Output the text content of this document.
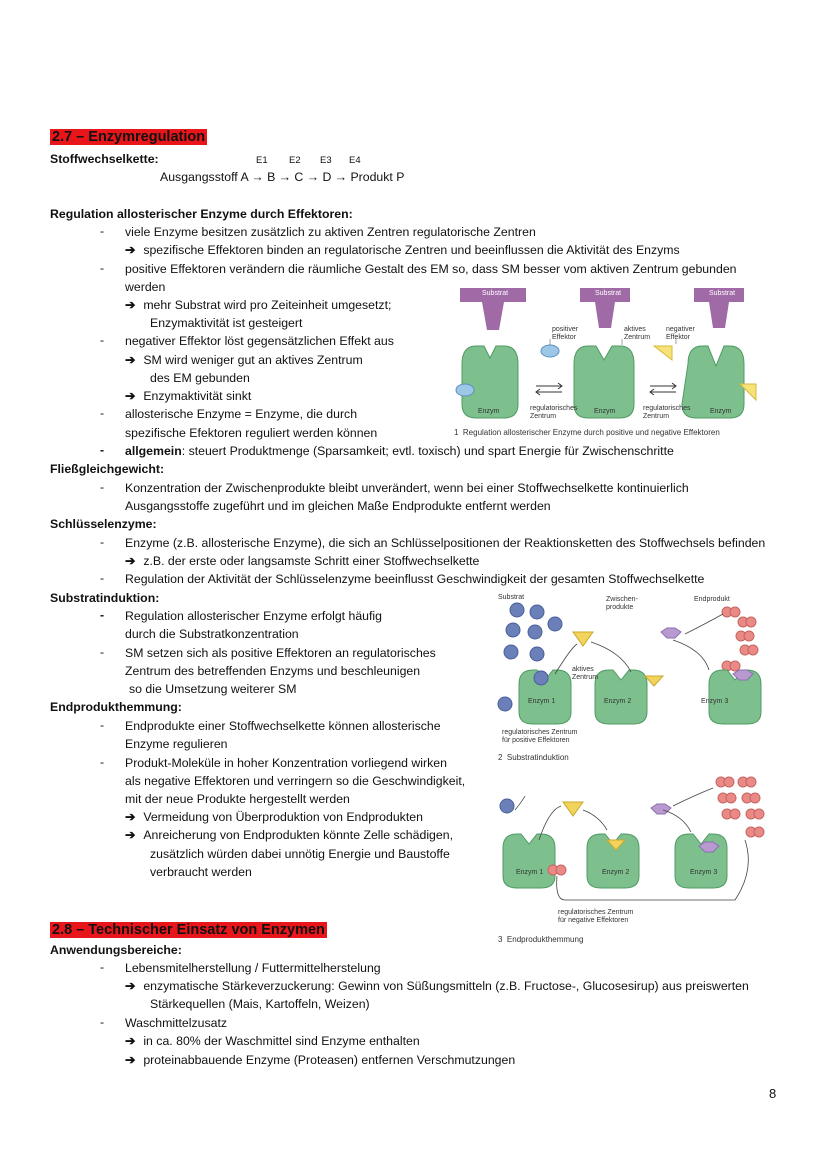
2.7 – Enzymregulation
Stoffwechselkette:	E1 E2 E3 E4
Ausgangsstoff A → B → C → D → Produkt P
Regulation allosterischer Enzyme durch Effektoren:
- viele Enzyme besitzen zusätzlich zu aktiven Zentren regulatorische Zentren
➔ spezifische Effektoren binden an regulatorische Zentren und beeinflussen die Aktivität des Enzyms
- positive Effektoren verändern die räumliche Gestalt des EM so, dass SM besser vom aktiven Zentrum gebunden
werden
➔ mehr Substrat wird pro Zeiteinheit umgesetzt;
Enzymaktivität ist gesteigert
- negativer Effektor löst gegensätzlichen Effekt aus
➔ SM wird weniger gut an aktives Zentrum
des EM gebunden
➔ Enzymaktivität sinkt
- allosterische Enzyme = Enzyme, die durch
spezifische Efektoren reguliert werden können
- allgemein: steuert Produktmenge (Sparsamkeit; evtl. toxisch) und spart Energie für Zwischenschritte
Fließgleichgewicht:
- Konzentration der Zwischenprodukte bleibt unverändert, wenn bei einer Stoffwechselkette kontinuierlich
Ausgangsstoffe zugeführt und im gleichen Maße Endprodukte entfernt werden
Schlüsselenzyme:
- Enzyme (z.B. allosterische Enzyme), die sich an Schlüsselpositionen der Reaktionsketten des Stoffwechsels befinden
➔ z.B. der erste oder langsamste Schritt einer Stoffwechselkette
- Regulation der Aktivität der Schlüsselenzyme beeinflusst Geschwindigkeit der gesamten Stoffwechselkette
Substratinduktion:
- Regulation allosterischer Enzyme erfolgt häufig
durch die Substratkonzentration
- SM setzen sich als positive Effektoren an regulatorisches
Zentrum des betreffenden Enzyms und beschleunigen
so die Umsetzung weiterer SM
Endprodukthemmung:
- Endprodukte einer Stoffwechselkette können allosterische
Enzyme regulieren
- Produkt-Moleküle in hoher Konzentration vorliegend wirken
als negative Effektoren und verringern so die Geschwindigkeit,
mit der neue Produkte hergestellt werden
➔ Vermeidung von Überproduktion von Endprodukten
➔ Anreicherung von Endprodukten könnte Zelle schädigen,
zusätzlich würden dabei unnötig Energie und Baustoffe
verbraucht werden
2.8 – Technischer Einsatz von Enzymen
Anwendungsbereiche:
- Lebensmitelherstellung / Futtermittelherstelung
➔ enzymatische Stärkeverzuckerung: Gewinn von Süßungsmitteln (z.B. Fructose-, Glucosesirup) aus preiswerten
Stärkequellen (Mais, Kartoffeln, Weizen)
- Waschmittelzusatz
➔ in ca. 80% der Waschmittel sind Enzyme enthalten
➔ proteinabbauende Enzyme (Proteasen) entfernen Verschmutzungen
8
Substrat	Substrat	Substrat
positiver
Effektor
aktives
Zentrum
negativer
Effektor
Enzym	Enzym	Enzym
regulatorisches
Zentrum
regulatorisches
Zentrum
1 Regulation allosterischer Enzyme durch positive und negative Effektoren
Substrat	Zwischen-
produkte
Endprodukt
aktives
Zentrum
Enzym 1	Enzym 2	Enzym 3
regulatorisches Zentrum
für positive Effektoren
2 Substratinduktion
Enzym 1	Enzym 2	Enzym 3
regulatorisches Zentrum
für negative Effektoren
3 Endprodukthemmung
